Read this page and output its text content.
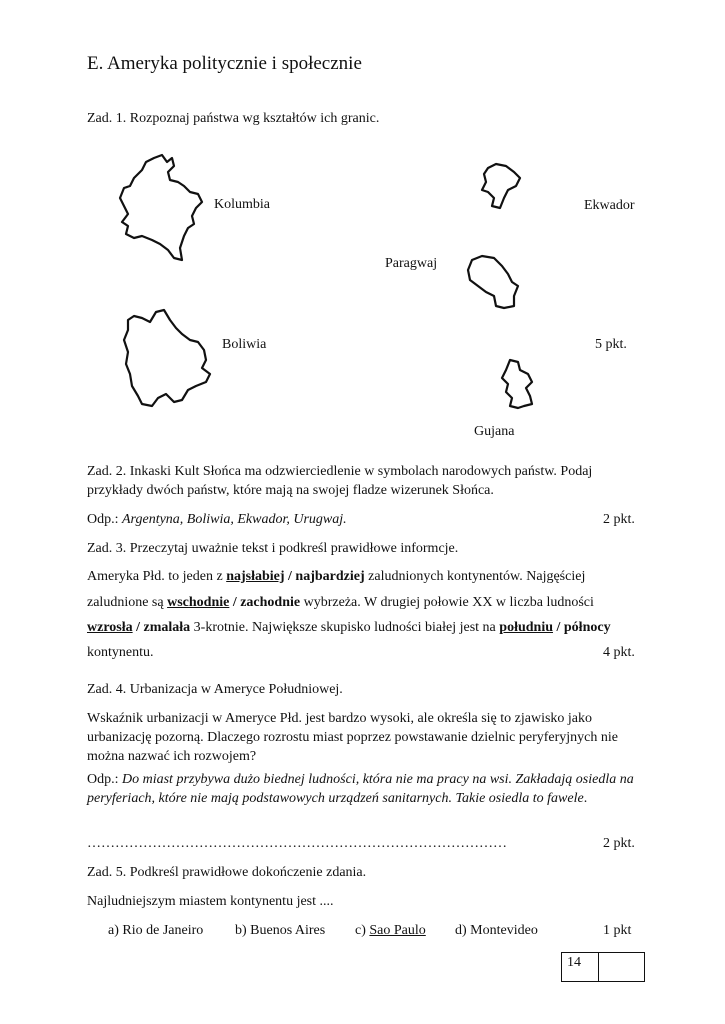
E. Ameryka politycznie i społecznie
Zad. 1. Rozpoznaj państwa wg kształtów ich granic.
Kolumbia	Ekwador
Paragwaj
Boliwia	5 pkt.
Gujana
Zad. 2. Inkaski Kult Słońca ma odzwierciedlenie w symbolach narodowych państw. Podaj przykłady dwóch państw, które mają na swojej fladze wizerunek Słońca.
Odp.: Argentyna, Boliwia, Ekwador, Urugwaj.	2 pkt.
Zad. 3. Przeczytaj uważnie tekst i podkreśl prawidłowe informcje.
Ameryka Płd. to jeden z najsłabiej / najbardziej zaludnionych kontynentów. Najgęściej
zaludnione są wschodnie / zachodnie wybrzeża. W drugiej połowie XX w liczba ludności
wzrosła / zmalała 3-krotnie. Największe skupisko ludności białej jest na południu / północy
kontynentu.	4 pkt.
Zad. 4. Urbanizacja w Ameryce Południowej.
Wskaźnik urbanizacji w Ameryce Płd. jest bardzo wysoki, ale określa się to zjawisko jako urbanizację pozorną. Dlaczego rozrostu miast poprzez powstawanie dzielnic peryferyjnych nie można nazwać ich rozwojem?
Odp.: Do miast przybywa dużo biednej ludności, która nie ma pracy na wsi. Zakładają osiedla na peryferiach, które nie mają podstawowych urządzeń sanitarnych. Takie osiedla to fawele.
………………………………………………………………………………	2 pkt.
Zad. 5. Podkreśl prawidłowe dokończenie zdania.
Najludniejszym miastem kontynentu jest ....
a) Rio de Janeiro b) Buenos Aires c) Sao Paulo d) Montevideo	1 pkt
14
